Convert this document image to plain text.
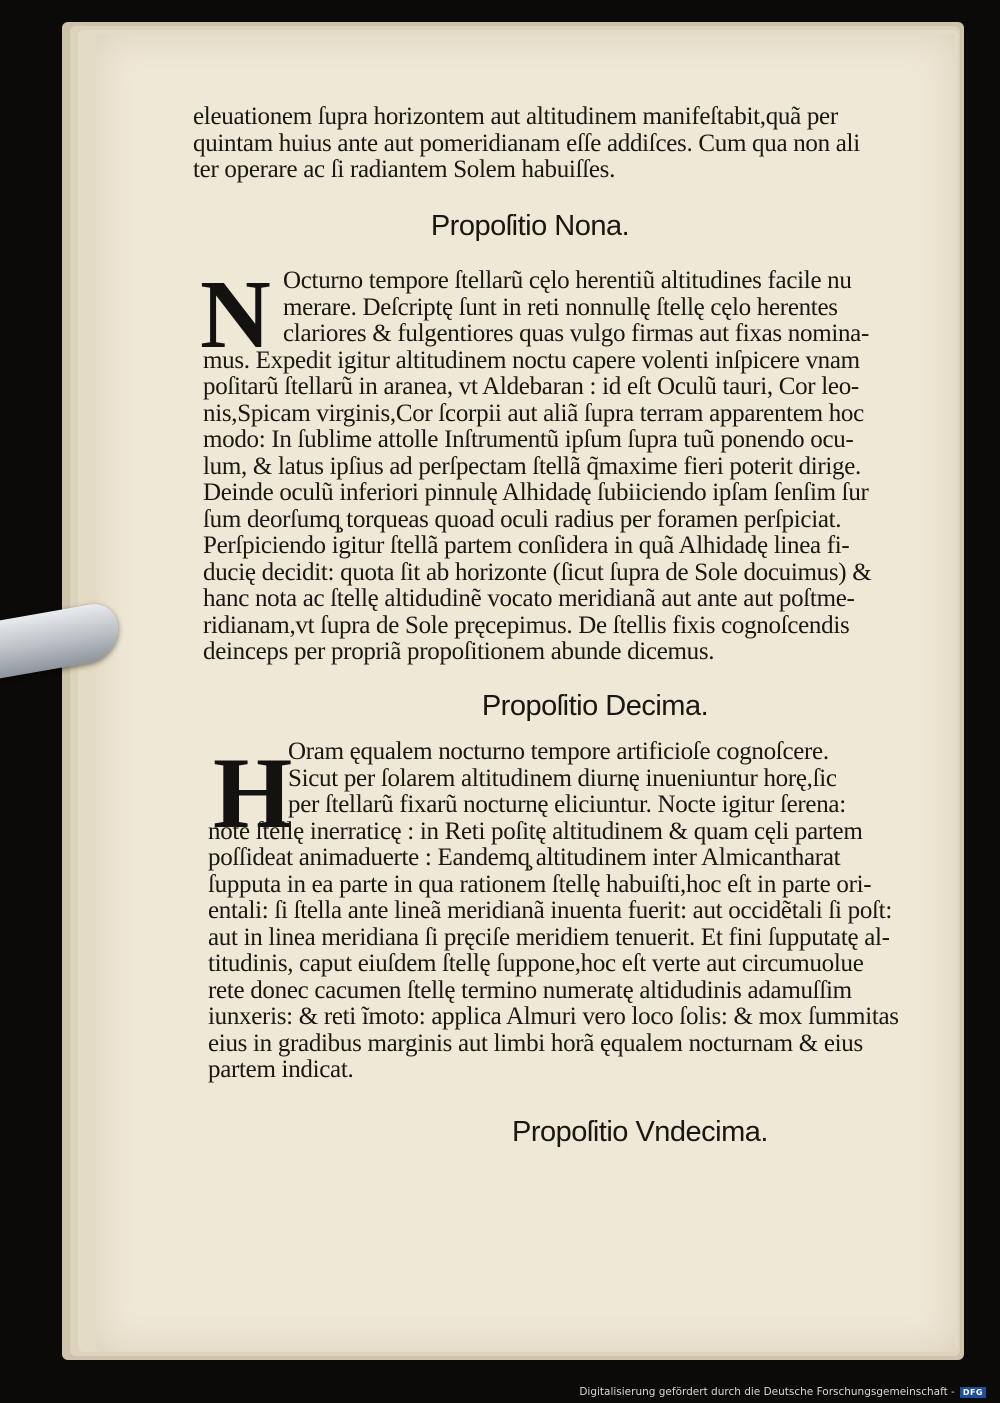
eleuationem ſupra horizontem aut altitudinem manifeſtabit,quã per
quintam huius ante aut pomeridianam eſſe addiſces. Cum qua non ali
ter operare ac ſi radiantem Solem habuiſſes.
Propoſitio Nona.
N Octurno tempore ſtellarũ cęlo herentiũ altitudines facile nu
merare. Deſcriptę ſunt in reti nonnullę ſtellę cęlo herentes
clariores & fulgentiores quas vulgo firmas aut fixas nomina-
mus. Expedit igitur altitudinem noctu capere volenti inſpicere vnam
poſitarũ ſtellarũ in aranea, vt Aldebaran : id eſt Oculũ tauri, Cor leo-
nis,Spicam virginis,Cor ſcorpii aut aliã ſupra terram apparentem hoc
modo: In ſublime attolle Inſtrumentũ ipſum ſupra tuũ ponendo ocu-
lum, & latus ipſius ad perſpectam ſtellã q̃maxime fieri poterit dirige.
Deinde oculũ inferiori pinnulę Alhidadę ſubiiciendo ipſam ſenſim ſur
ſum deorſumq̧ torqueas quoad oculi radius per foramen perſpiciat.
Perſpiciendo igitur ſtellã partem conſidera in quã Alhidadę linea fi-
ducię decidit: quota ſit ab horizonte (ſicut ſupra de Sole docuimus) &
hanc nota ac ſtellę altidudinẽ vocato meridianã aut ante aut poſtme-
ridianam,vt ſupra de Sole pręcepimus. De ſtellis fixis cognoſcendis
deinceps per propriã propoſitionem abunde dicemus.
Propoſitio Decima.
H
Oram ęqualem nocturno tempore artificioſe cognoſcere.
Sicut per ſolarem altitudinem diurnę inueniuntur horę,ſic
per ſtellarũ fixarũ nocturnę eliciuntur. Nocte igitur ſerena:
note ſtellę inerraticę : in Reti poſitę altitudinem & quam cęli partem
poſſideat animaduerte : Eandemq̧ altitudinem inter Almicantharat
ſupputa in ea parte in qua rationem ſtellę habuiſti,hoc eſt in parte ori-
entali: ſi ſtella ante lineã meridianã inuenta fuerit: aut occidẽtali ſi poſt:
aut in linea meridiana ſi pręciſe meridiem tenuerit. Et fini ſupputatę al-
titudinis, caput eiuſdem ſtellę ſuppone,hoc eſt verte aut circumuolue
rete donec cacumen ſtellę termino numeratę altidudinis adamuſſim
iunxeris: & reti ĩmoto: applica Almuri vero loco ſolis: & mox ſummitas
eius in gradibus marginis aut limbi horã ęqualem nocturnam & eius
partem indicat.
Propoſitio Vndecima.
Digitalisierung gefördert durch die Deutsche Forschungsgemeinschaft -	DFG
